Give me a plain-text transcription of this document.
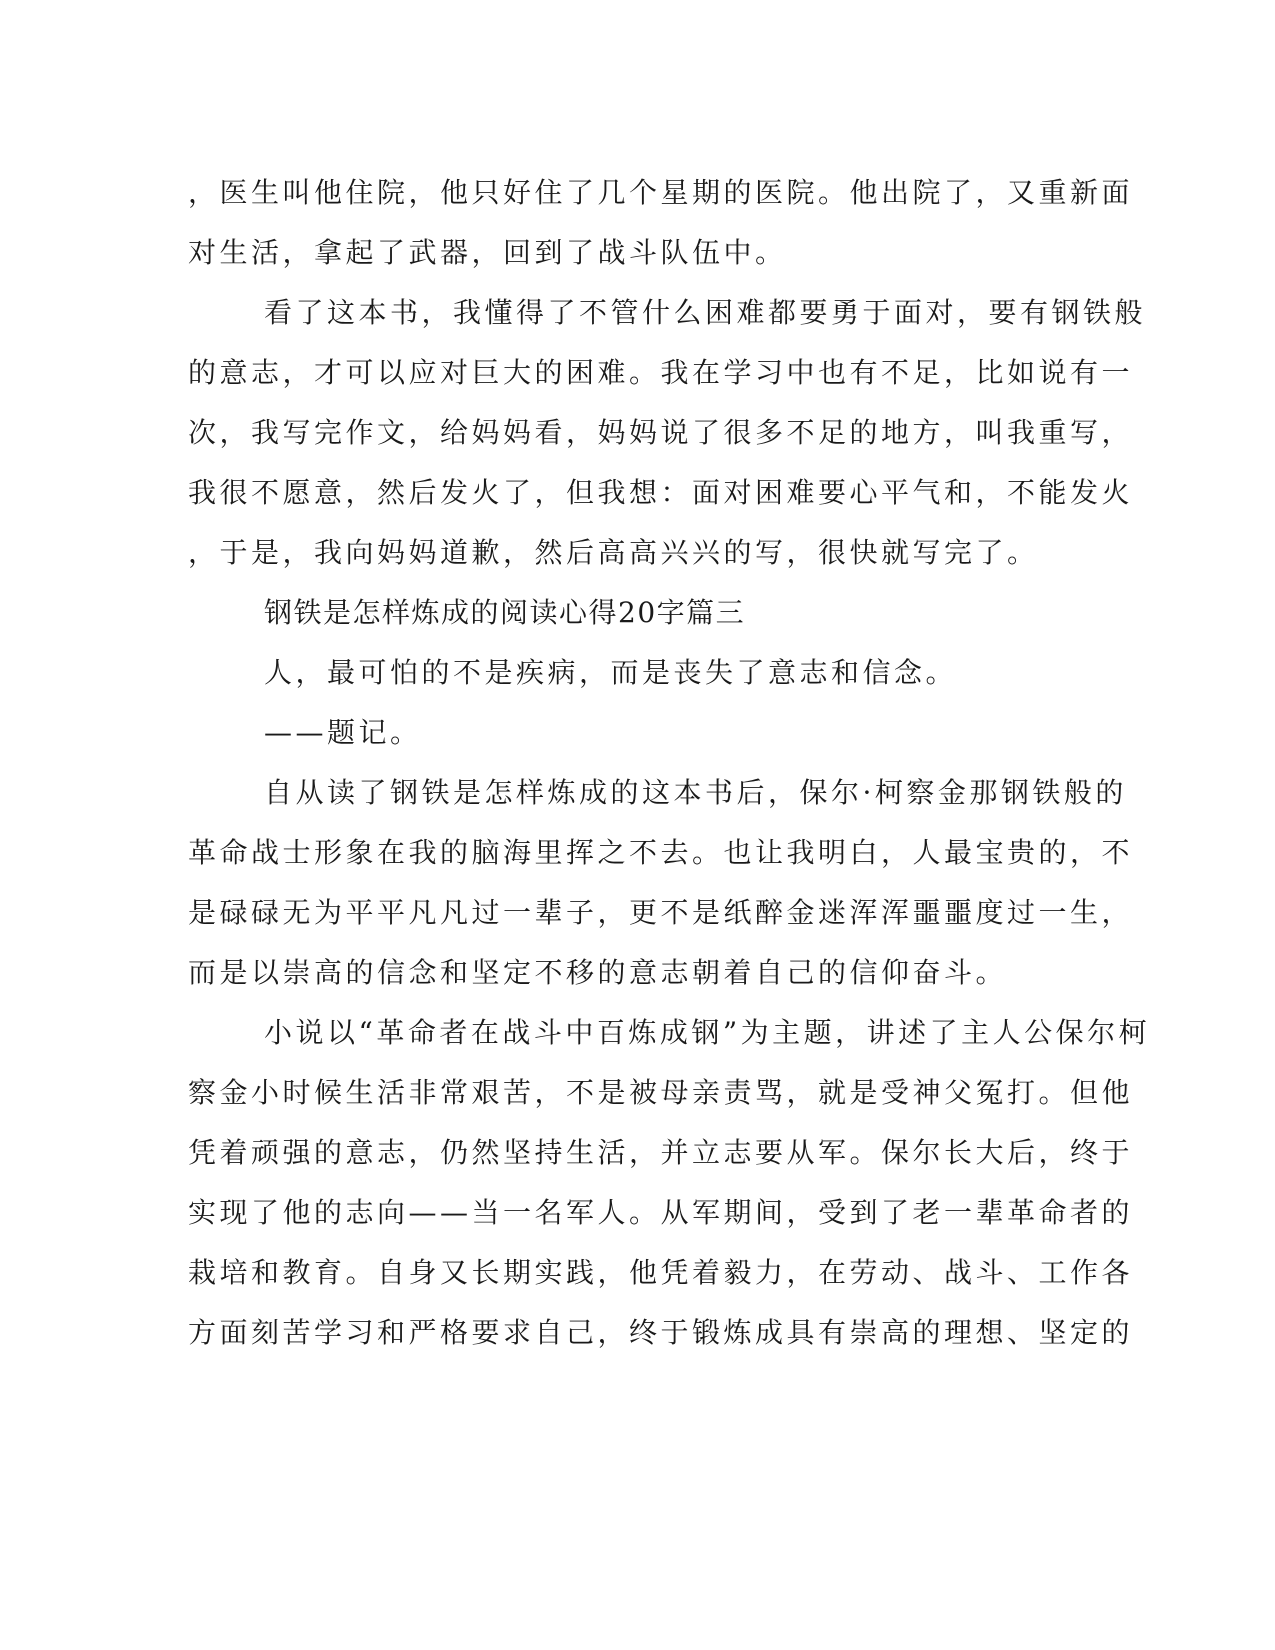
，医生叫他住院，他只好住了几个星期的医院。他出院了，又重新面
对生活，拿起了武器，回到了战斗队伍中。
看了这本书，我懂得了不管什么困难都要勇于面对，要有钢铁般
的意志，才可以应对巨大的困难。我在学习中也有不足，比如说有一
次，我写完作文，给妈妈看，妈妈说了很多不足的地方，叫我重写，
我很不愿意，然后发火了，但我想：面对困难要心平气和，不能发火
，于是，我向妈妈道歉，然后高高兴兴的写，很快就写完了。
钢铁是怎样炼成的阅读心得20字篇三
人，最可怕的不是疾病，而是丧失了意志和信念。
——题记。
自从读了钢铁是怎样炼成的这本书后，保尔·柯察金那钢铁般的
革命战士形象在我的脑海里挥之不去。也让我明白，人最宝贵的，不
是碌碌无为平平凡凡过一辈子，更不是纸醉金迷浑浑噩噩度过一生，
而是以崇高的信念和坚定不移的意志朝着自己的信仰奋斗。
小说以“革命者在战斗中百炼成钢”为主题，讲述了主人公保尔柯
察金小时候生活非常艰苦，不是被母亲责骂，就是受神父冤打。但他
凭着顽强的意志，仍然坚持生活，并立志要从军。保尔长大后，终于
实现了他的志向——当一名军人。从军期间，受到了老一辈革命者的
栽培和教育。自身又长期实践，他凭着毅力，在劳动、战斗、工作各
方面刻苦学习和严格要求自己，终于锻炼成具有崇高的理想、坚定的
